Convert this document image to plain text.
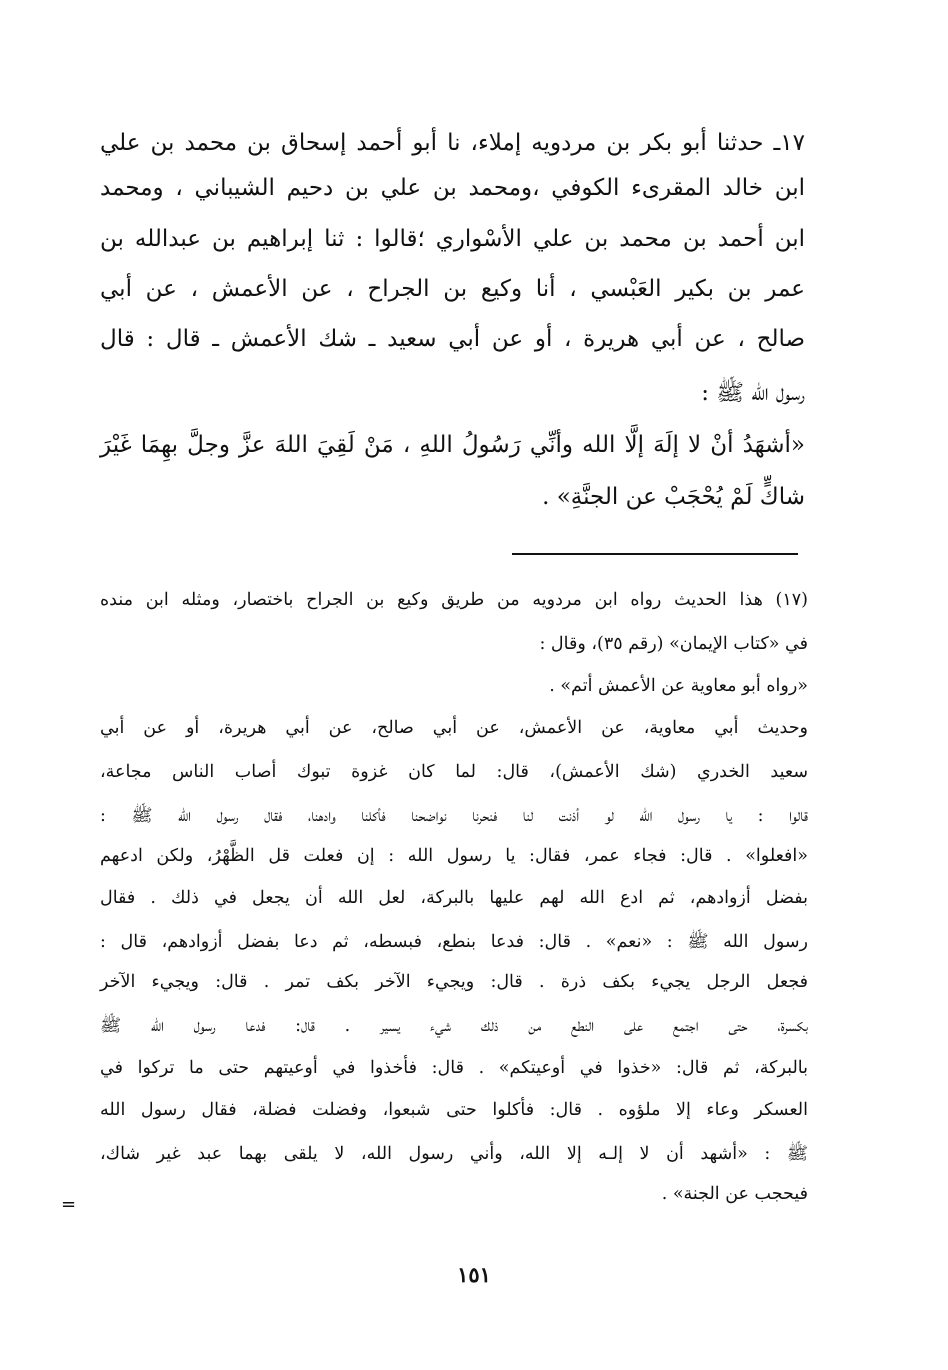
١٧ـ حدثنا أبو بكر بن مردويه إملاء، نا أبو أحمد إسحاق بن محمد بن علي
ابن خالد المقرىء الكوفي ،ومحمد بن علي بن دحيم الشيباني ، ومحمد
ابن أحمد بن محمد بن علي الأسْواري ؛قالوا : ثنا إبراهيم بن عبدالله بن
عمر بن بكير العَبْسي ، أنا وكيع بن الجراح ، عن الأعمش ، عن أبي
صالح ، عن أبي هريرة ، أو عن أبي سعيد ـ شك الأعمش ـ قال : قال
رسول الله ﷺ :
«أشهَدُ أنْ لا إلَهَ إلَّا الله وأنِّي رَسُولُ اللهِ ، مَنْ لَقِيَ اللهَ عزَّ وجلَّ بهِمَا غَيْرَ
شاكٍّ لَمْ يُحْجَبْ عن الجنَّةِ» .
(١٧) هذا الحديث رواه ابن مردويه من طريق وكيع بن الجراح باختصار، ومثله ابن منده
في «كتاب الإيمان» (رقم ٣٥)، وقال :
«رواه أبو معاوية عن الأعمش أتم» .
وحديث أبي معاوية، عن الأعمش، عن أبي صالح، عن أبي هريرة، أو عن أبي
سعيد الخدري (شك الأعمش)، قال: لما كان غزوة تبوك أصاب الناس مجاعة،
قالوا : يا رسول الله لو أذنت لنا فنحرنا نواضحنا فأكلنا وادهنا، فقال رسول الله ﷺ :
«افعلوا» . قال: فجاء عمر، فقال: يا رسول الله : إن فعلت قل الظَّهْرُ، ولكن ادعهم
بفضل أزوادهم، ثم ادع الله لهم عليها بالبركة، لعل الله أن يجعل في ذلك . فقال
رسول الله ﷺ : «نعم» . قال: فدعا بنطع، فبسطه، ثم دعا بفضل أزوادهم، قال :
فجعل الرجل يجيء بكف ذرة . قال: ويجيء الآخر بكف تمر . قال: ويجيء الآخر
بكسرة، حتى اجتمع على النطع من ذلك شيء يسير . قال: فدعا رسول الله ﷺ
بالبركة، ثم قال: «خذوا في أوعيتكم» . قال: فأخذوا في أوعيتهم حتى ما تركوا في
العسكر وعاء إلا ملؤوه . قال: فأكلوا حتى شبعوا، وفضلت فضلة، فقال رسول الله
ﷺ : «أشهد أن لا إلـه إلا الله، وأني رسول الله، لا يلقى بهما عبد غير شاك،
فيحجب عن الجنة» .
=
١٥١
